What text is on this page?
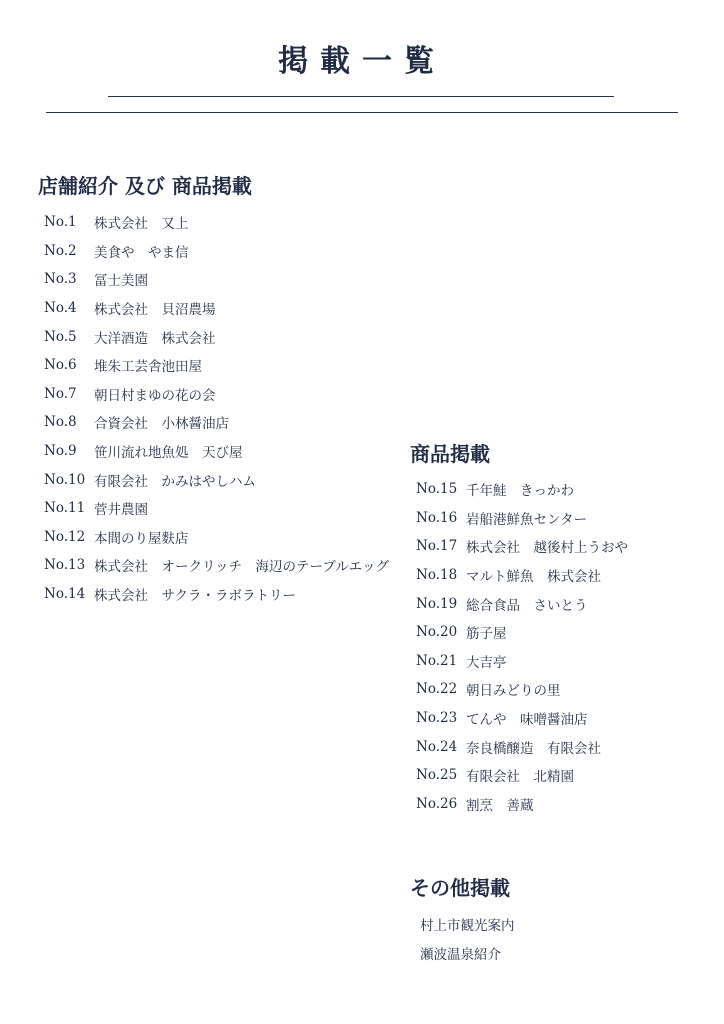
掲載一覧
店舗紹介 及び 商品掲載
No.1	株式会社　又上
No.2	美食や　やま信
No.3	冨士美園
No.4	株式会社　貝沼農場
No.5	大洋酒造　株式会社
No.6	堆朱工芸舎池田屋
No.7	朝日村まゆの花の会
No.8	合資会社　小林醤油店
No.9	笹川流れ地魚処　天び屋
No.10 有限会社　かみはやしハム
No.11 菅井農園
No.12 本間のり屋麩店
No.13 株式会社　オークリッチ　海辺のテーブルエッグ
No.14 株式会社　サクラ・ラボラトリー
商品掲載
No.15 千年鮭　きっかわ
No.16 岩船港鮮魚センター
No.17 株式会社　越後村上うおや
No.18 マルト鮮魚　株式会社
No.19 総合食品　さいとう
No.20 筋子屋
No.21 大吉亭
No.22 朝日みどりの里
No.23 てんや　味噌醤油店
No.24 奈良橋醸造　有限会社
No.25 有限会社　北精園
No.26 割烹　善蔵
その他掲載
村上市観光案内
瀬波温泉紹介
